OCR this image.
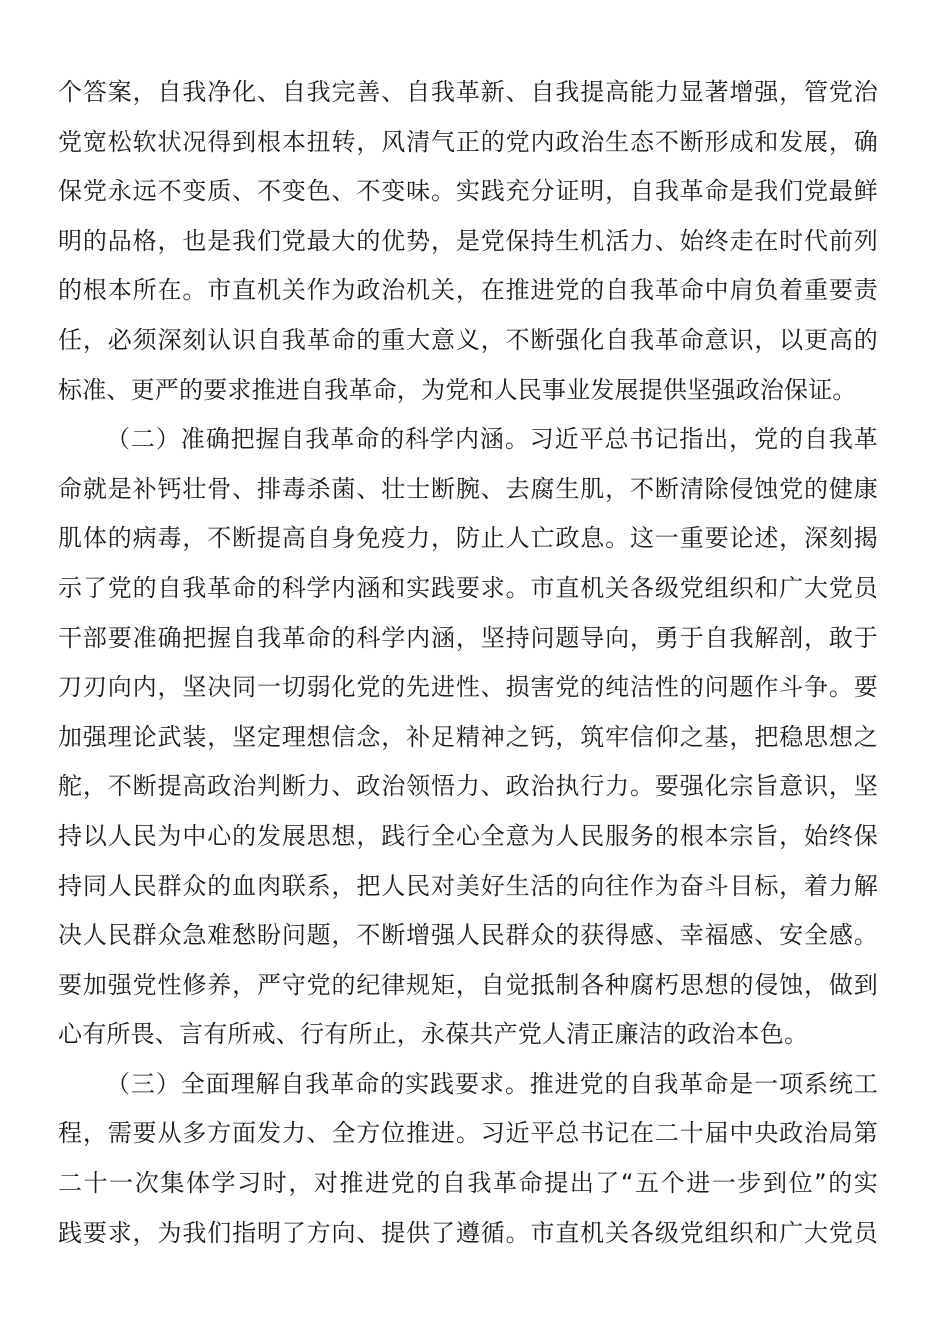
个答案，自我净化、自我完善、自我革新、自我提高能力显著增强，管党治
党宽松软状况得到根本扭转，风清气正的党内政治生态不断形成和发展，确
保党永远不变质、不变色、不变味。实践充分证明，自我革命是我们党最鲜
明的品格，也是我们党最大的优势，是党保持生机活力、始终走在时代前列
的根本所在。市直机关作为政治机关，在推进党的自我革命中肩负着重要责
任，必须深刻认识自我革命的重大意义，不断强化自我革命意识，以更高的
标准、更严的要求推进自我革命，为党和人民事业发展提供坚强政治保证。
（二）准确把握自我革命的科学内涵。习近平总书记指出，党的自我革
命就是补钙壮骨、排毒杀菌、壮士断腕、去腐生肌，不断清除侵蚀党的健康
肌体的病毒，不断提高自身免疫力，防止人亡政息。这一重要论述，深刻揭
示了党的自我革命的科学内涵和实践要求。市直机关各级党组织和广大党员
干部要准确把握自我革命的科学内涵，坚持问题导向，勇于自我解剖，敢于
刀刃向内，坚决同一切弱化党的先进性、损害党的纯洁性的问题作斗争。要
加强理论武装，坚定理想信念，补足精神之钙，筑牢信仰之基，把稳思想之
舵，不断提高政治判断力、政治领悟力、政治执行力。要强化宗旨意识，坚
持以人民为中心的发展思想，践行全心全意为人民服务的根本宗旨，始终保
持同人民群众的血肉联系，把人民对美好生活的向往作为奋斗目标，着力解
决人民群众急难愁盼问题，不断增强人民群众的获得感、幸福感、安全感。
要加强党性修养，严守党的纪律规矩，自觉抵制各种腐朽思想的侵蚀，做到
心有所畏、言有所戒、行有所止，永葆共产党人清正廉洁的政治本色。
（三）全面理解自我革命的实践要求。推进党的自我革命是一项系统工
程，需要从多方面发力、全方位推进。习近平总书记在二十届中央政治局第
二十一次集体学习时，对推进党的自我革命提出了“五个进一步到位”的实
践要求，为我们指明了方向、提供了遵循。市直机关各级党组织和广大党员
